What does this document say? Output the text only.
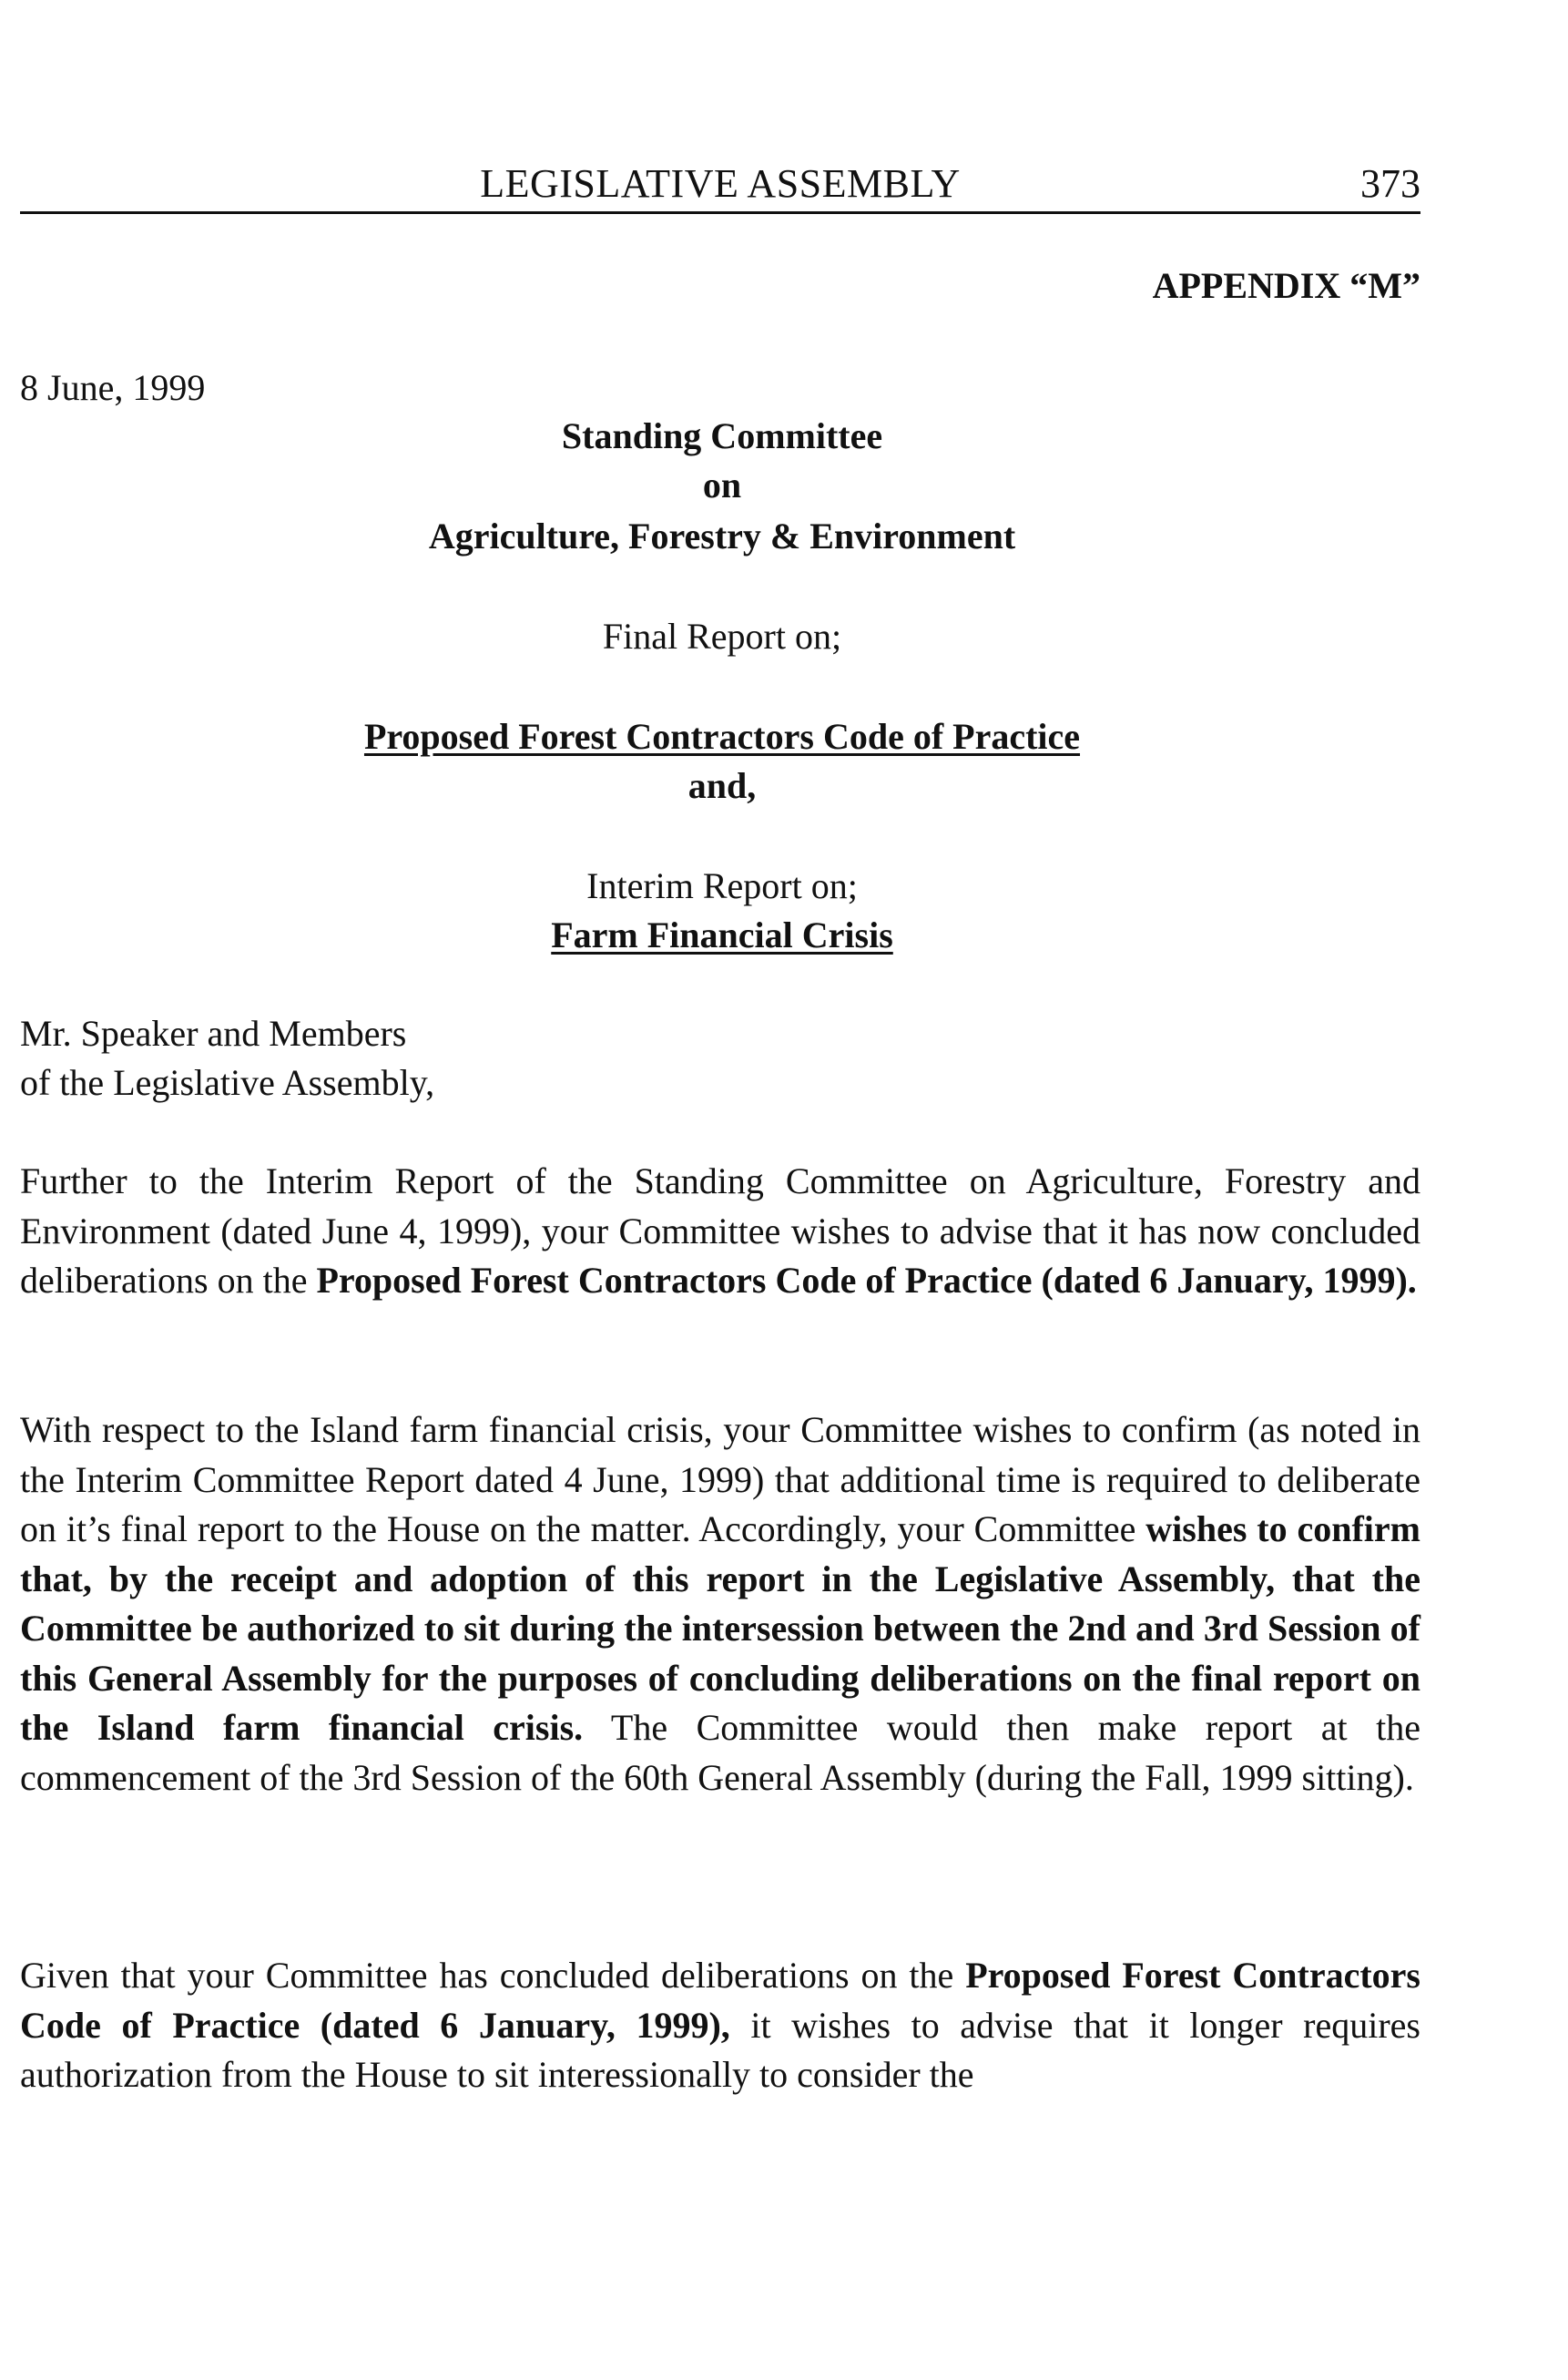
LEGISLATIVE ASSEMBLY	373
APPENDIX “M”
8 June, 1999
Standing Committee
on
Agriculture, Forestry & Environment
Final Report on;
Proposed Forest Contractors Code of Practice
and,
Interim Report on;
Farm Financial Crisis
Mr. Speaker and Members
of the Legislative Assembly,
Further to the Interim Report of the Standing Committee on Agriculture, Forestry and Environment (dated June 4, 1999), your Committee wishes to advise that it has now concluded deliberations on the Proposed Forest Contractors Code of Practice (dated 6 January, 1999).
With respect to the Island farm financial crisis, your Committee wishes to confirm (as noted in the Interim Committee Report dated 4 June, 1999) that additional time is required to deliberate on it’s final report to the House on the matter. Accordingly, your Committee wishes to confirm that, by the receipt and adoption of this report in the Legislative Assembly, that the Committee be authorized to sit during the intersession between the 2nd and 3rd Session of this General Assembly for the purposes of concluding deliberations on the final report on the Island farm financial crisis. The Committee would then make report at the commencement of the 3rd Session of the 60th General Assembly (during the Fall, 1999 sitting).
Given that your Committee has concluded deliberations on the Proposed Forest Contractors Code of Practice (dated 6 January, 1999), it wishes to advise that it longer requires authorization from the House to sit interessionally to consider the
